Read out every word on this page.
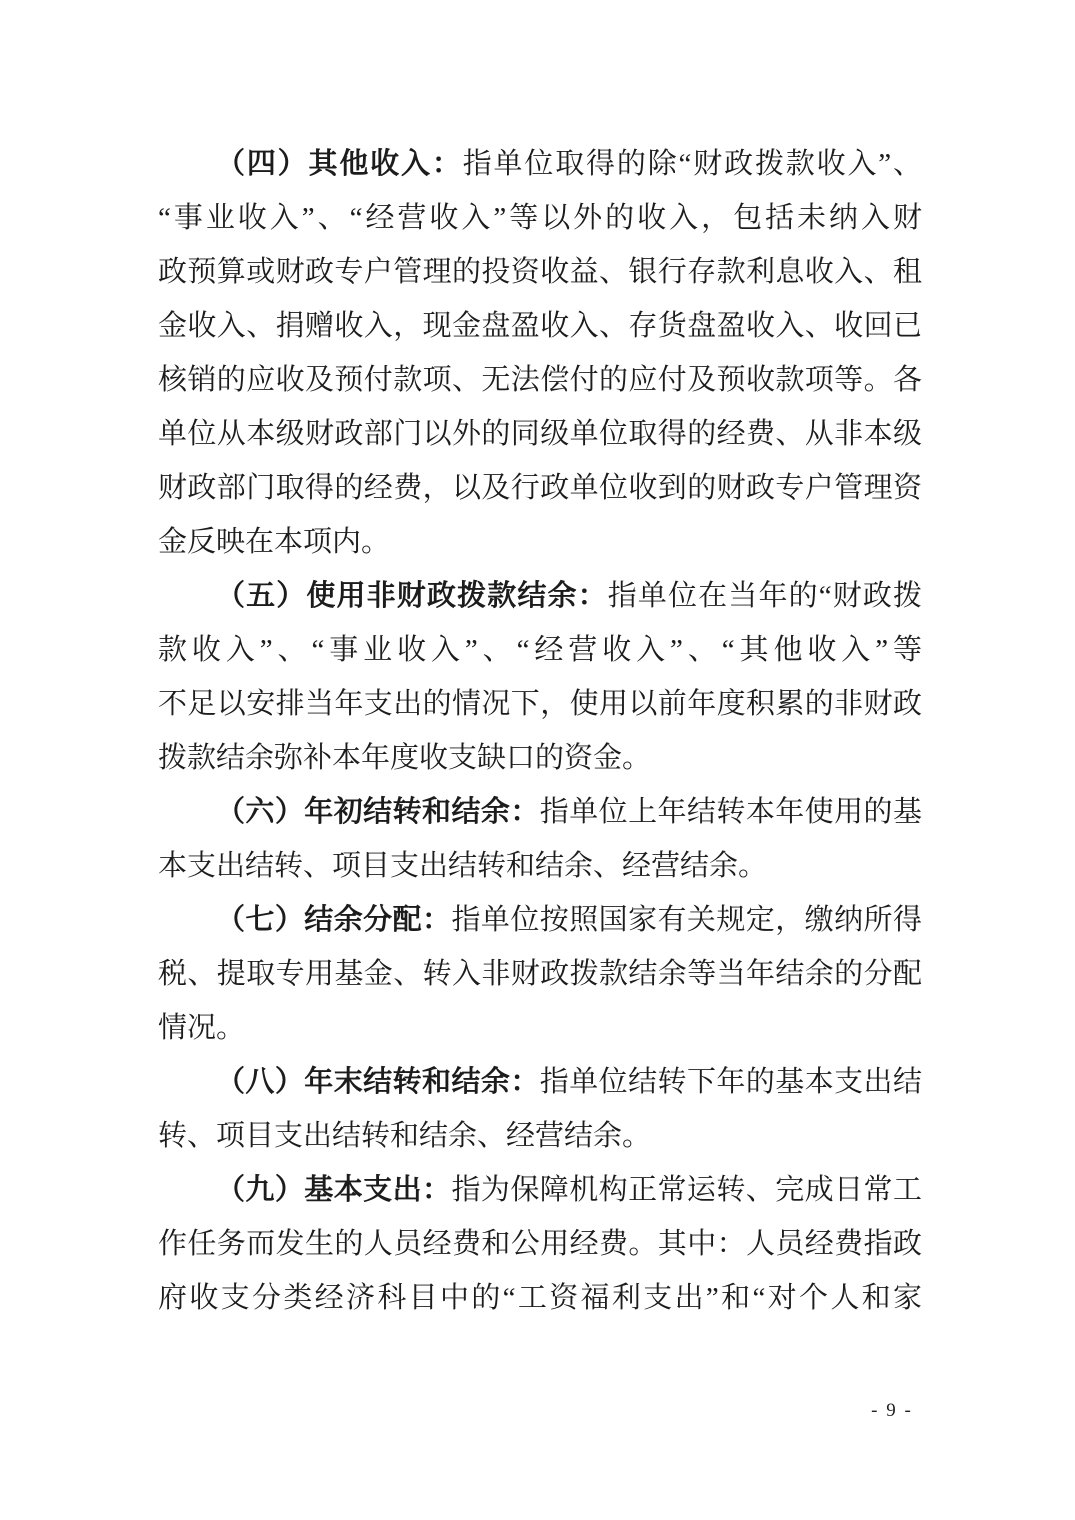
（四）其他收入：指单位取得的除“财政拨款收入”、
“事业收入”、“经营收入”等以外的收入，包括未纳入财
政预算或财政专户管理的投资收益、银行存款利息收入、租
金收入、捐赠收入，现金盘盈收入、存货盘盈收入、收回已
核销的应收及预付款项、无法偿付的应付及预收款项等。各
单位从本级财政部门以外的同级单位取得的经费、从非本级
财政部门取得的经费，以及行政单位收到的财政专户管理资
金反映在本项内。
（五）使用非财政拨款结余：指单位在当年的“财政拨
款收入”、“事业收入”、“经营收入”、“其他收入”等
不足以安排当年支出的情况下，使用以前年度积累的非财政
拨款结余弥补本年度收支缺口的资金。
（六）年初结转和结余：指单位上年结转本年使用的基
本支出结转、项目支出结转和结余、经营结余。
（七）结余分配：指单位按照国家有关规定，缴纳所得
税、提取专用基金、转入非财政拨款结余等当年结余的分配
情况。
（八）年末结转和结余：指单位结转下年的基本支出结
转、项目支出结转和结余、经营结余。
（九）基本支出：指为保障机构正常运转、完成日常工
作任务而发生的人员经费和公用经费。其中：人员经费指政
府收支分类经济科目中的“工资福利支出”和“对个人和家
- 9 -
